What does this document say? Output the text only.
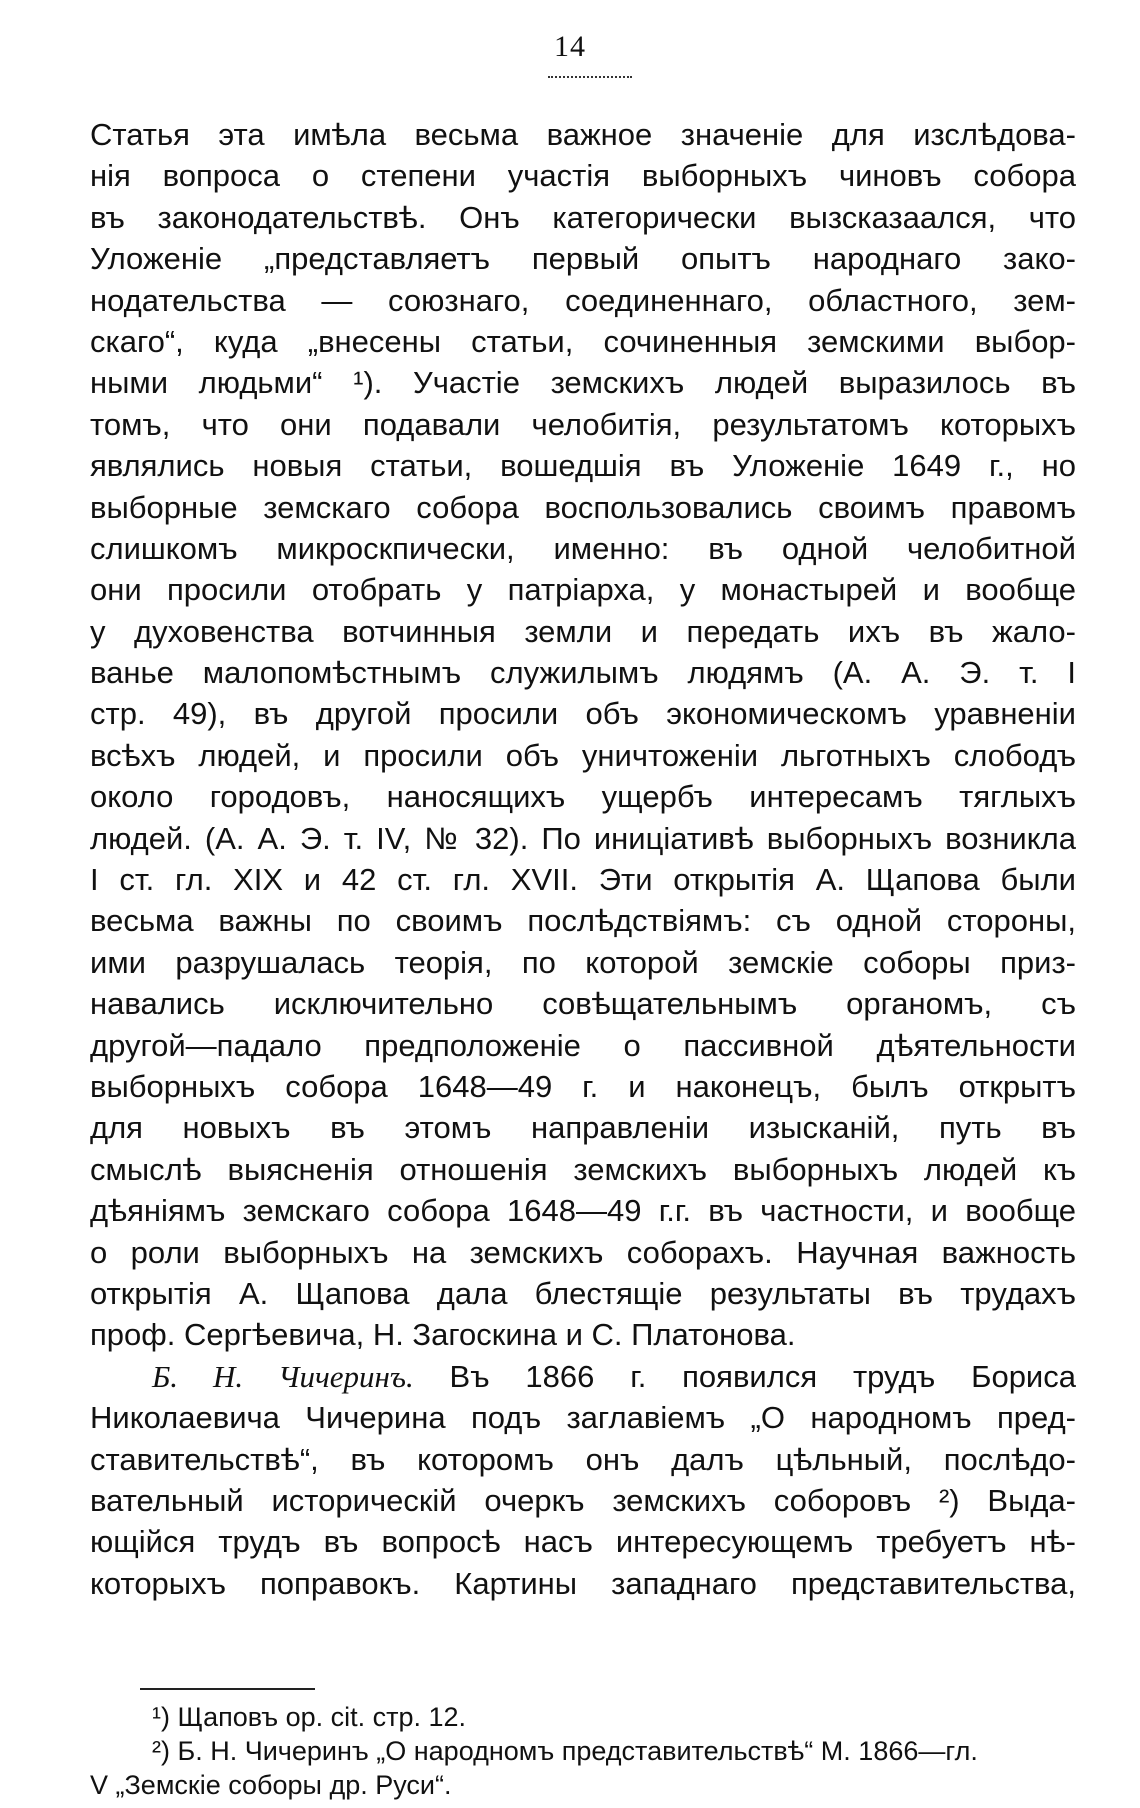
14
Статья эта имѣла весьма важное значенiе для изслѣдова-
нiя вопроса о степени участiя выборныхъ чиновъ собора
въ законодательствѣ. Онъ категорически вызсказаался, что
Уложенiе „представляетъ первый опытъ народнаго зако-
нодательства — союзнаго, соединеннаго, областного, зем-
скаго“, куда „внесены статьи, сочиненныя земскими выбор-
ными людьми“ ¹). Участiе земскихъ людей выразилось въ
томъ, что они подавали челобитiя, результатомъ которыхъ
являлись новыя статьи, вошедшiя въ Уложенiе 1649 г., но
выборные земскаго собора воспользовались своимъ правомъ
слишкомъ микроскпически, именно: въ одной челобитной
они просили отобрать у патрiарха, у монастырей и вообще
у духовенства вотчинныя земли и передать ихъ въ жало-
ванье малопомѣстнымъ служилымъ людямъ (А. А. Э. т. I
стр. 49), въ другой просили объ экономическомъ уравненiи
всѣхъ людей, и просили объ уничтоженiи льготныхъ слободъ
около городовъ, наносящихъ ущербъ интересамъ тяглыхъ
людей. (А. А. Э. т. IV, № 32). По иницiативѣ выборныхъ возникла
I ст. гл. XIX и 42 ст. гл. XVII. Эти открытiя А. Щапова были
весьма важны по своимъ послѣдствiямъ: съ одной стороны,
ими разрушалась теорiя, по которой земскiе соборы приз-
навались исключительно совѣщательнымъ органомъ, съ
другой—падало предположенiе о пассивной дѣятельности
выборныхъ собора 1648—49 г. и наконецъ, былъ открытъ
для новыхъ въ этомъ направленiи изысканiй, путь въ
смыслѣ выясненiя отношенiя земскихъ выборныхъ людей къ
дѣянiямъ земскаго собора 1648—49 г.г. въ частности, и вообще
о роли выборныхъ на земскихъ соборахъ. Научная важность
открытiя А. Щапова дала блестящiе результаты въ трудахъ
проф. Сергѣевича, Н. Загоскина и С. Платонова.
Б. Н. Чичеринъ. Въ 1866 г. появился трудъ Бориса
Николаевича Чичерина подъ заглавiемъ „О народномъ пред-
ставительствѣ“, въ которомъ онъ далъ цѣльный, послѣдо-
вательный историческiй очеркъ земскихъ соборовъ ²) Выда-
ющiйся трудъ въ вопросѣ насъ интересующемъ требуетъ нѣ-
которыхъ поправокъ. Картины западнаго представительства,
¹) Щаповъ op. cit. стр. 12.
²) Б. Н. Чичеринъ „О народномъ представительствѣ“ М. 1866—гл.
V „Земскiе соборы др. Руси“.
